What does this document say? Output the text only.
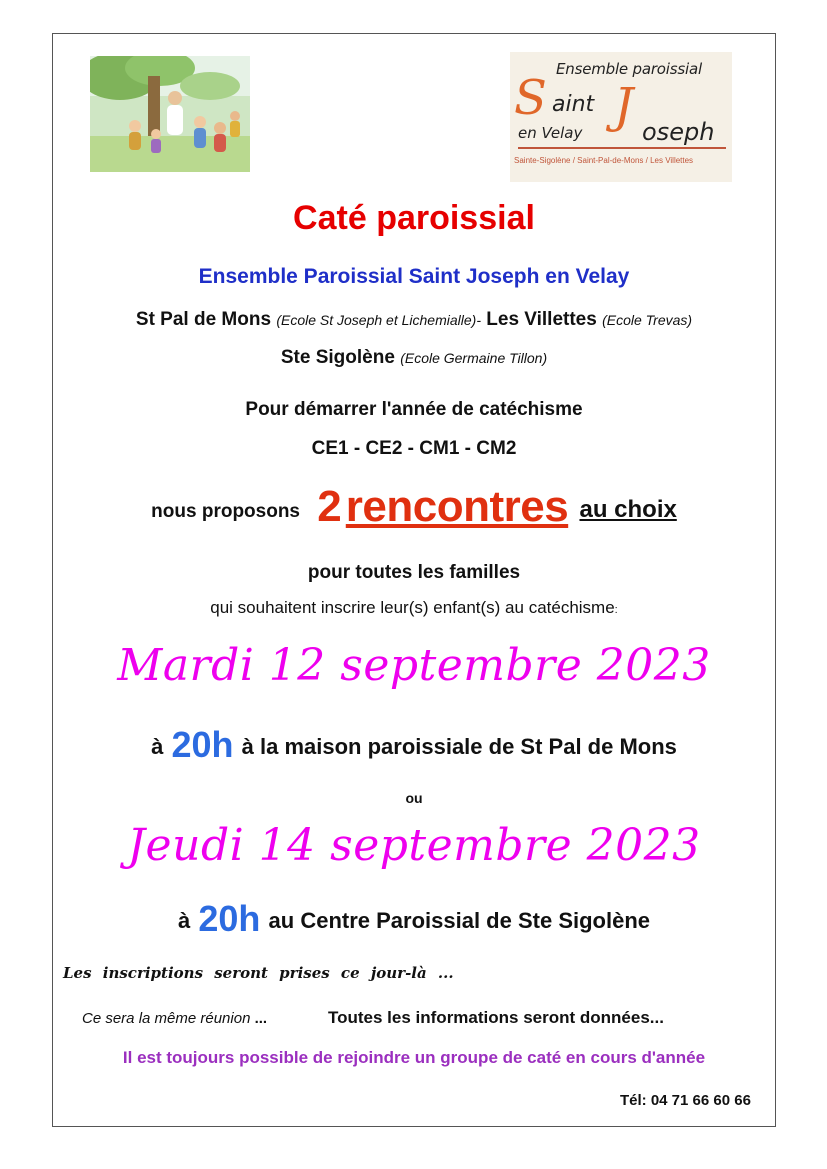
Ensemble paroissial
S aint J oseph
en Velay
Sainte-Sigolène / Saint-Pal-de-Mons / Les Villettes
Caté paroissial
Ensemble Paroissial Saint Joseph en Velay
St Pal de Mons (Ecole St Joseph et Lichemialle)- Les Villettes (Ecole Trevas)
Ste Sigolène (Ecole Germaine Tillon)
Pour démarrer l'année de catéchisme
CE1 - CE2 - CM1 - CM2
nous proposons 2rencontres au choix
pour toutes les familles
qui souhaitent inscrire leur(s) enfant(s) au catéchisme:
Mardi 12 septembre 2023
à 20h à la maison paroissiale de St Pal de Mons
ou
Jeudi 14 septembre 2023
à 20h au Centre Paroissial de Ste Sigolène
Les inscriptions seront prises ce jour-là ...
Ce sera la même réunion ...	Toutes les informations seront données...
Il est toujours possible de rejoindre un groupe de caté en cours d'année
Tél: 04 71 66 60 66
